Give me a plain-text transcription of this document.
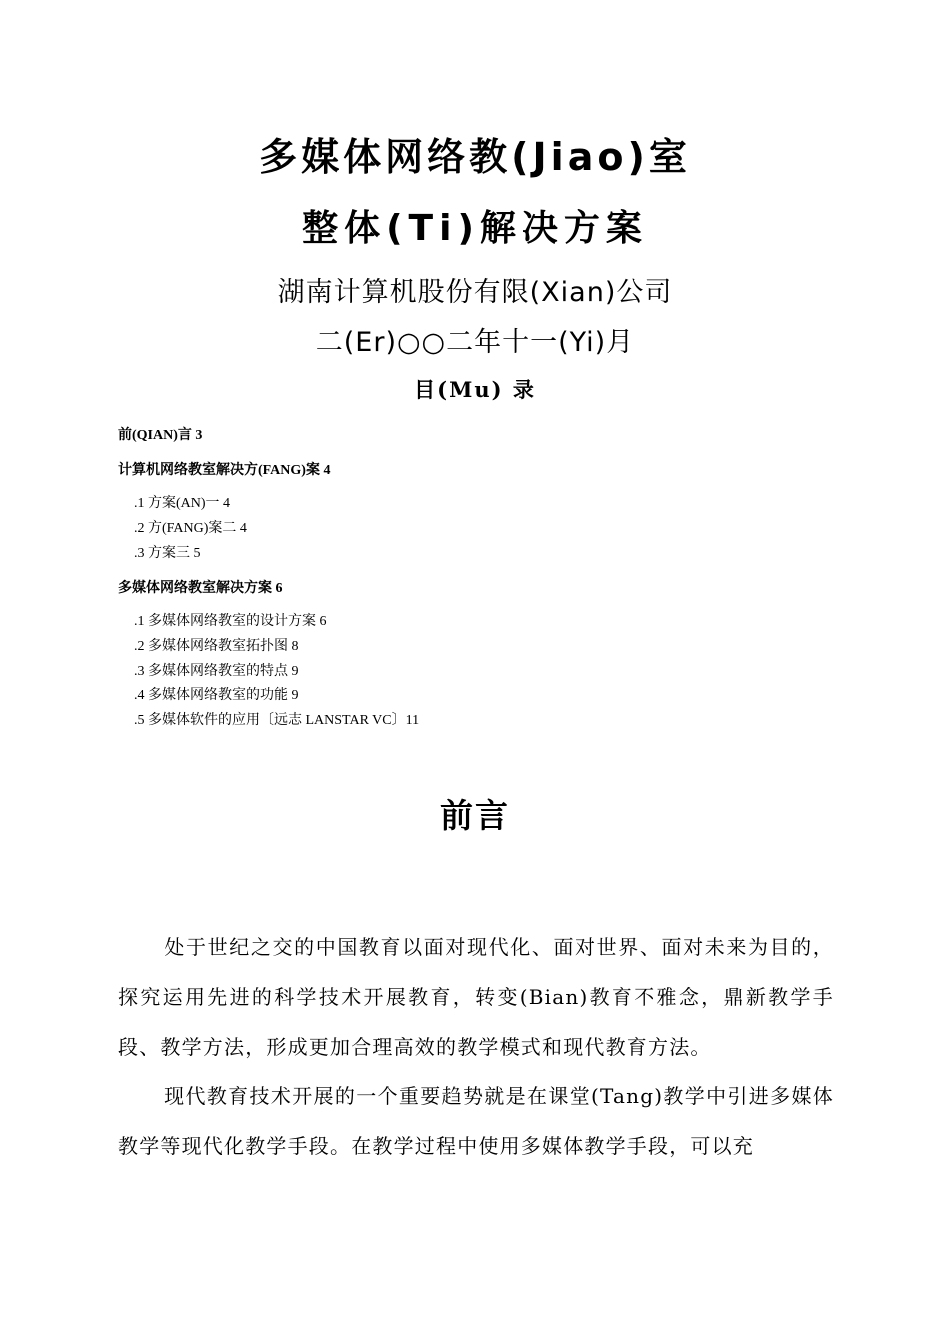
多媒体网络教(Jiao)室
整体(Ti)解决方案
湖南计算机股份有限(Xian)公司
二(Er)○○二年十一(Yi)月
目(Mu) 录

前(QIAN)言 3

计算机网络教室解决方(FANG)案 4

.1 方案(AN)一 4

.2 方(FANG)案二 4

.3 方案三 5

多媒体网络教室解决方案 6

.1 多媒体网络教室的设计方案 6

.2 多媒体网络教室拓扑图 8

.3 多媒体网络教室的特点 9

.4 多媒体网络教室的功能 9

.5 多媒体软件的应用〔远志 LANSTAR VC〕11

前言

处于世纪之交的中国教育以面对现代化、面对世界、面对未来为目的，探究运用先进的科学技术开展教育，转变(Bian)教育不雅念，鼎新教学手段、教学方法，形成更加合理高效的教学模式和现代教育方法。

现代教育技术开展的一个重要趋势就是在课堂(Tang)教学中引进多媒体教学等现代化教学手段。在教学过程中使用多媒体教学手段，可以充
